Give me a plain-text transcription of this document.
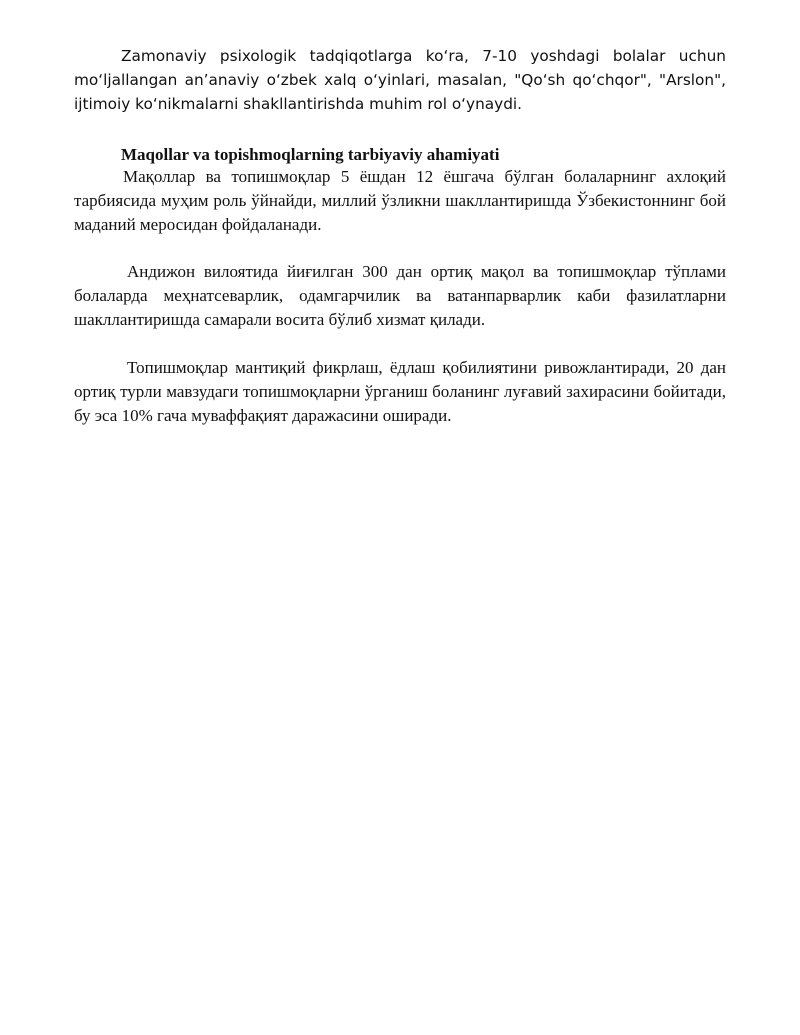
Zamonaviy psixologik tadqiqotlarga ko‘ra, 7-10 yoshdagi bolalar uchun mo‘ljallangan an’anaviy o‘zbek xalq o‘yinlari, masalan, "Qo‘sh qo‘chqor", "Arslon", ijtimoiy ko‘nikmalarni shakllantirishda muhim rol o‘ynaydi.

Maqollar va topishmoqlarning tarbiyaviy ahamiyati

Мақоллар ва топишмоқлар 5 ёшдан 12 ёшгача бўлган болаларнинг ахлоқий тарбиясида муҳим роль ўйнайди, миллий ўзликни шакллантиришда Ўзбекистоннинг бой маданий меросидан фойдаланади.

Андижон вилоятида йиғилган 300 дан ортиқ мақол ва топишмоқлар тўплами болаларда меҳнатсеварлик, одамгарчилик ва ватанпарварлик каби фазилатларни шакллантиришда самарали восита бўлиб хизмат қилади.

Топишмоқлар мантиқий фикрлаш, ёдлаш қобилиятини ривожлантиради, 20 дан ортиқ турли мавзудаги топишмоқларни ўрганиш боланинг луғавий захирасини бойитади, бу эса 10% гача муваффақият даражасини оширади.
